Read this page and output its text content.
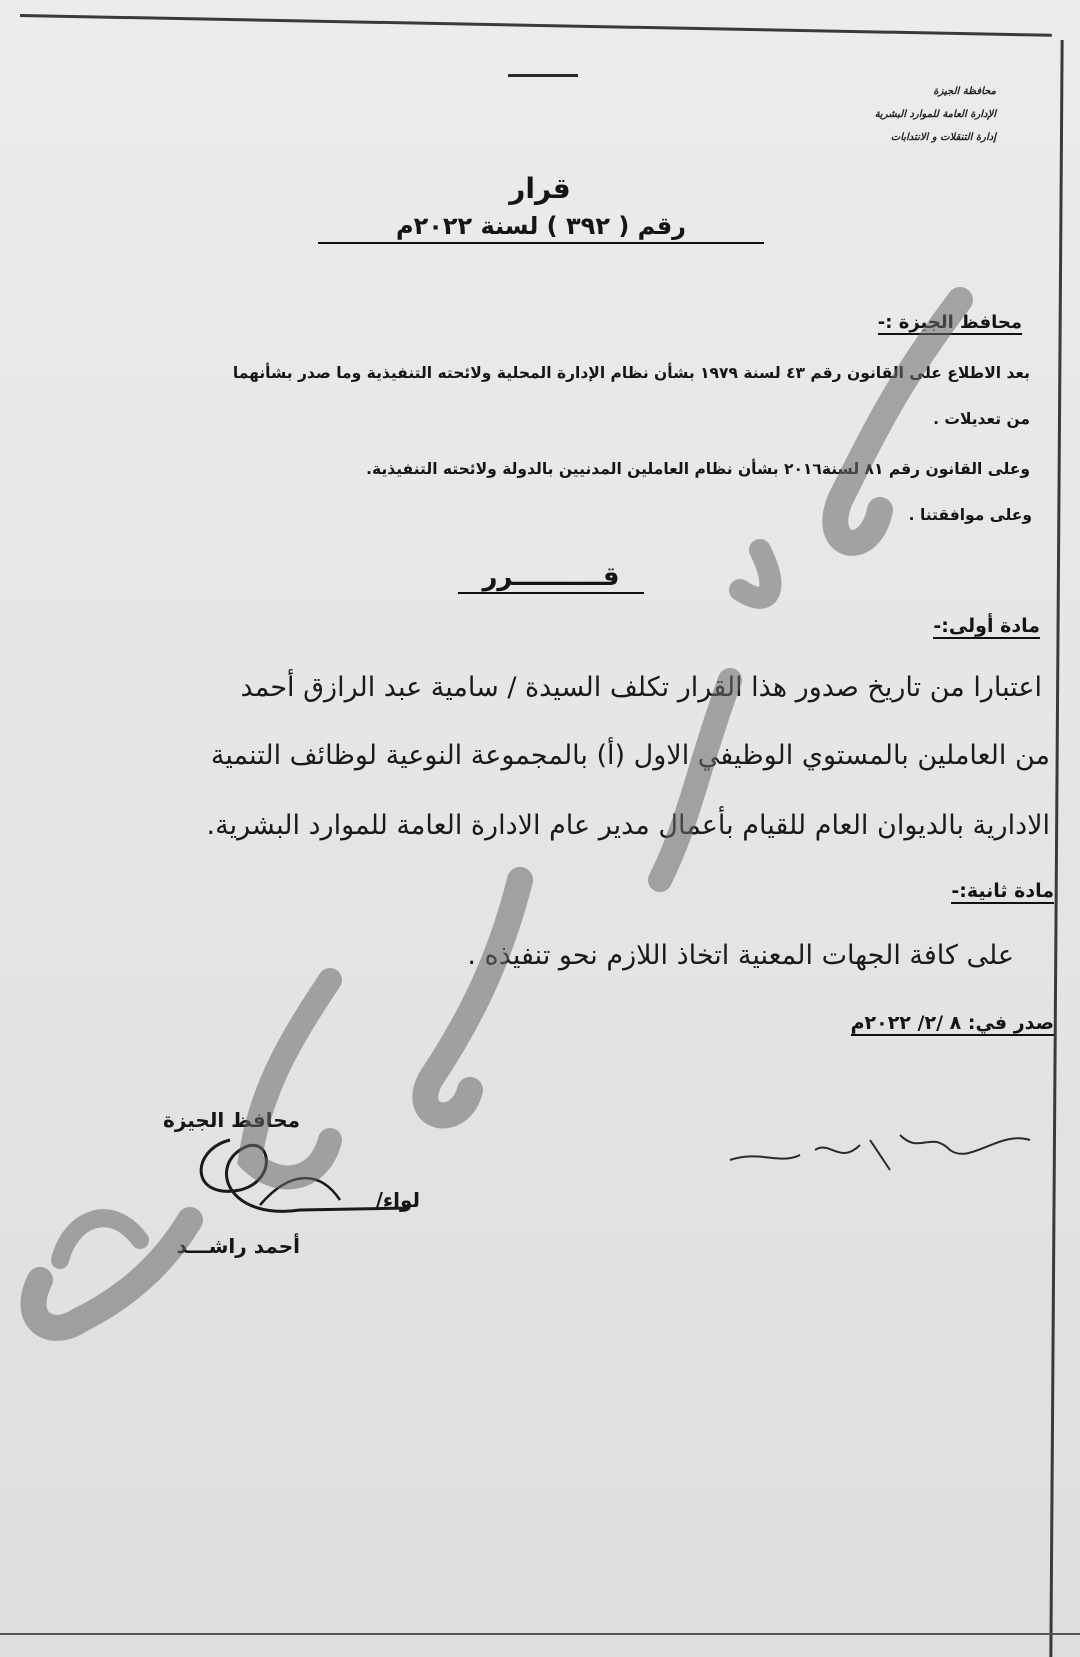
محافظة الجيزة
الإدارة العامة للموارد البشرية
إدارة التنقلات و الانتدابات
قرار
رقم ( ٣٩٢ ) لسنة ٢٠٢٢م
محافظ الجيزة :-
بعد الاطلاع على القانون رقم ٤٣ لسنة ١٩٧٩ بشأن نظام الإدارة المحلية ولائحته التنفيذية وما صدر بشأنهما
من تعديلات .
وعلى القانون رقم ٨١ لسنة٢٠١٦ بشأن نظام العاملين المدنيين بالدولة ولائحته التنفيذية.
وعلى موافقتنا .
قــــــــــرر
مادة أولى:-
اعتبارا من تاريخ صدور هذا القرار تكلف السيدة / سامية عبد الرازق أحمد
من العاملين بالمستوي الوظيفي الاول (أ) بالمجموعة النوعية لوظائف التنمية
الادارية بالديوان العام للقيام بأعمال مدير عام الادارة العامة للموارد البشرية.
مادة ثانية:-
على كافة الجهات المعنية اتخاذ اللازم نحو تنفيذه .
صدر في: ٨ /٢/ ٢٠٢٢م
محافظ الجيزة
لواء/
أحمد راشـــد
